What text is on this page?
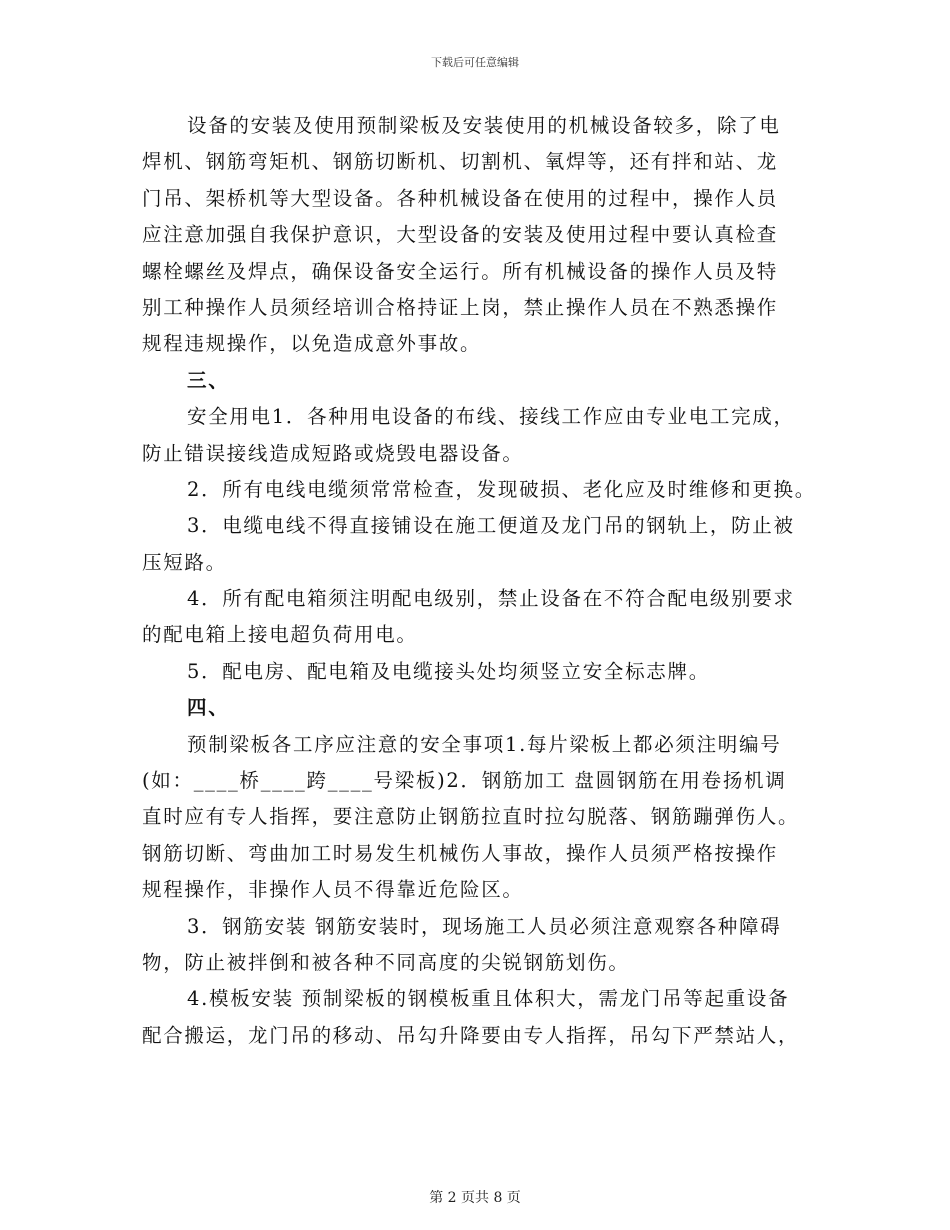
下载后可任意编辑
设备的安装及使用预制梁板及安装使用的机械设备较多，除了电
焊机、钢筋弯矩机、钢筋切断机、切割机、氧焊等，还有拌和站、龙
门吊、架桥机等大型设备。各种机械设备在使用的过程中，操作人员
应注意加强自我保护意识，大型设备的安装及使用过程中要认真检查
螺栓螺丝及焊点，确保设备安全运行。所有机械设备的操作人员及特
别工种操作人员须经培训合格持证上岗，禁止操作人员在不熟悉操作
规程违规操作，以免造成意外事故。
三、
安全用电1．各种用电设备的布线、接线工作应由专业电工完成，
防止错误接线造成短路或烧毁电器设备。
2．所有电线电缆须常常检查，发现破损、老化应及时维修和更换。
3．电缆电线不得直接铺设在施工便道及龙门吊的钢轨上，防止被
压短路。
4．所有配电箱须注明配电级别，禁止设备在不符合配电级别要求
的配电箱上接电超负荷用电。
5．配电房、配电箱及电缆接头处均须竖立安全标志牌。
四、
预制梁板各工序应注意的安全事项1.每片梁板上都必须注明编号
(如：____桥____跨____号梁板)2．钢筋加工 盘圆钢筋在用卷扬机调
直时应有专人指挥，要注意防止钢筋拉直时拉勾脱落、钢筋蹦弹伤人。
钢筋切断、弯曲加工时易发生机械伤人事故，操作人员须严格按操作
规程操作，非操作人员不得靠近危险区。
3．钢筋安装 钢筋安装时，现场施工人员必须注意观察各种障碍
物，防止被拌倒和被各种不同高度的尖锐钢筋划伤。
4.模板安装 预制梁板的钢模板重且体积大，需龙门吊等起重设备
配合搬运，龙门吊的移动、吊勾升降要由专人指挥，吊勾下严禁站人，
第 2 页共 8 页
